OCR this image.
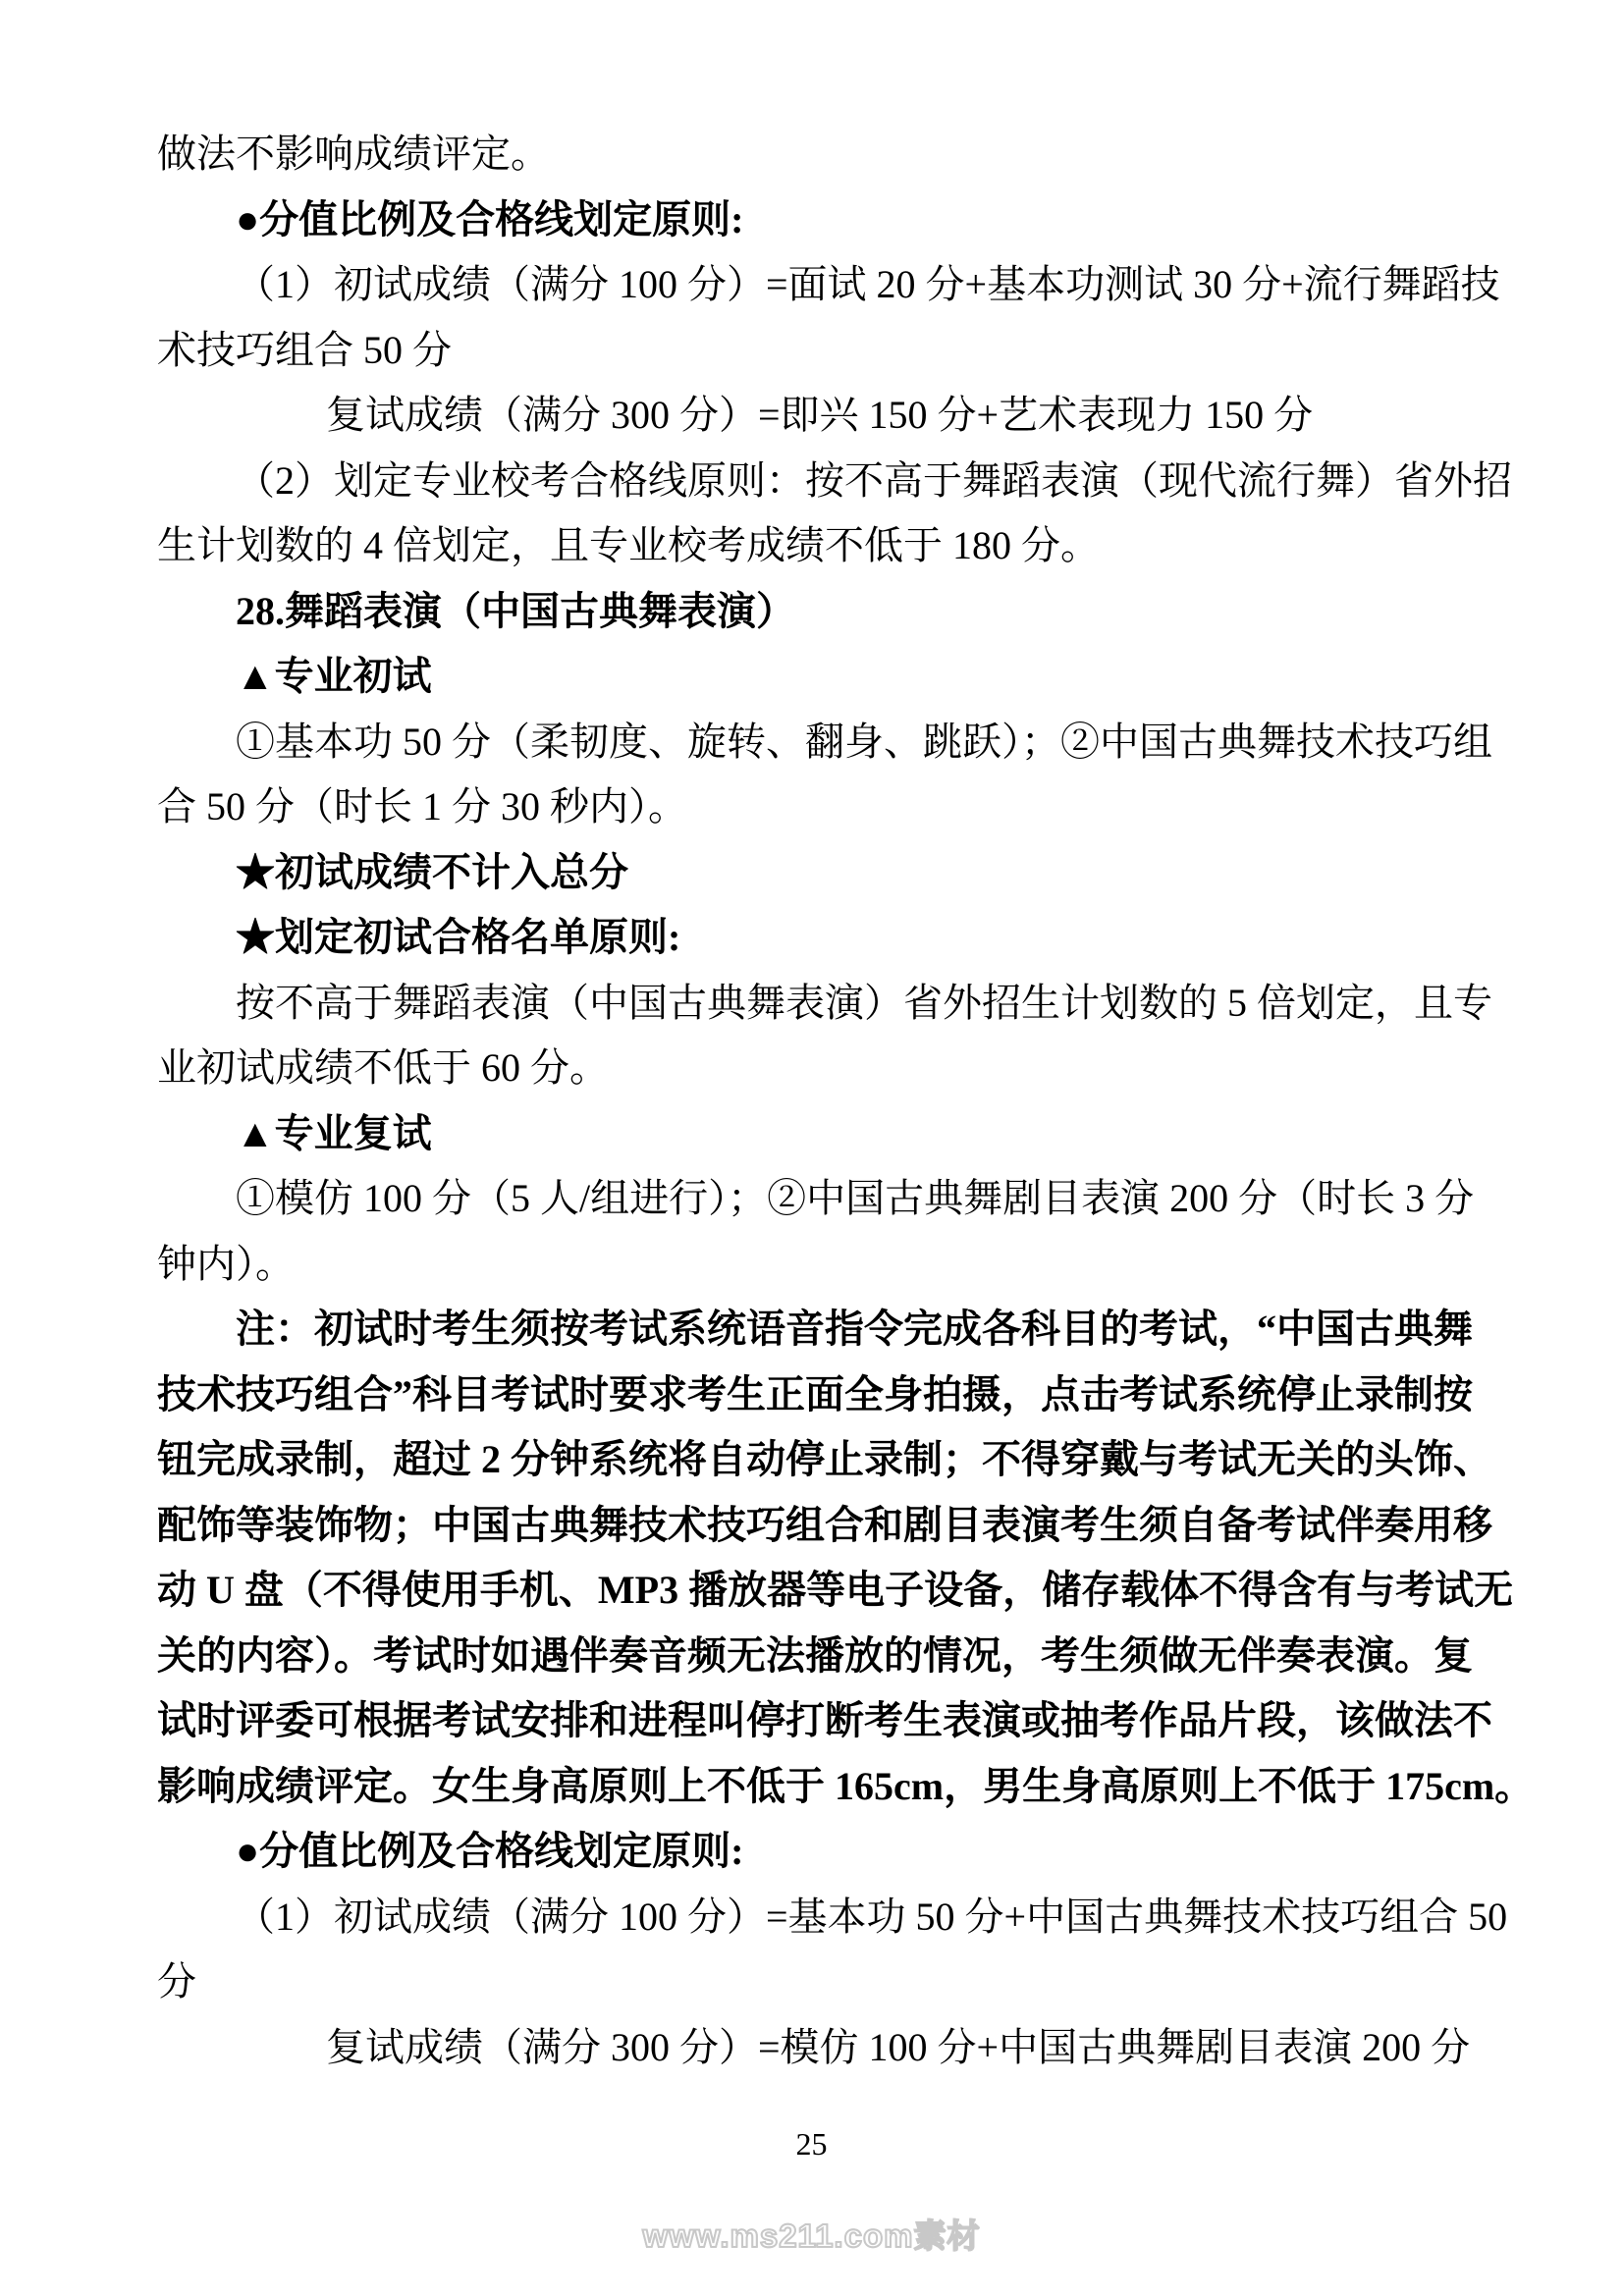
做法不影响成绩评定。
●分值比例及合格线划定原则:
（1）初试成绩（满分 100 分）=面试 20 分+基本功测试 30 分+流行舞蹈技
术技巧组合 50 分
复试成绩（满分 300 分）=即兴 150 分+艺术表现力 150 分
（2）划定专业校考合格线原则：按不高于舞蹈表演（现代流行舞）省外招
生计划数的 4 倍划定，且专业校考成绩不低于 180 分。
28.舞蹈表演（中国古典舞表演）
▲专业初试
①基本功 50 分（柔韧度、旋转、翻身、跳跃）；②中国古典舞技术技巧组
合 50 分（时长 1 分 30 秒内）。
★初试成绩不计入总分
★划定初试合格名单原则:
按不高于舞蹈表演（中国古典舞表演）省外招生计划数的 5 倍划定，且专
业初试成绩不低于 60 分。
▲专业复试
①模仿 100 分（5 人/组进行）；②中国古典舞剧目表演 200 分（时长 3 分
钟内）。
注：初试时考生须按考试系统语音指令完成各科目的考试，“中国古典舞
技术技巧组合”科目考试时要求考生正面全身拍摄，点击考试系统停止录制按
钮完成录制，超过 2 分钟系统将自动停止录制；不得穿戴与考试无关的头饰、
配饰等装饰物；中国古典舞技术技巧组合和剧目表演考生须自备考试伴奏用移
动 U 盘（不得使用手机、MP3 播放器等电子设备，储存载体不得含有与考试无
关的内容）。考试时如遇伴奏音频无法播放的情况，考生须做无伴奏表演。复
试时评委可根据考试安排和进程叫停打断考生表演或抽考作品片段，该做法不
影响成绩评定。女生身高原则上不低于 165cm，男生身高原则上不低于 175cm。
●分值比例及合格线划定原则:
（1）初试成绩（满分 100 分）=基本功 50 分+中国古典舞技术技巧组合 50
分
复试成绩（满分 300 分）=模仿 100 分+中国古典舞剧目表演 200 分
25
www.ms211.com素材
